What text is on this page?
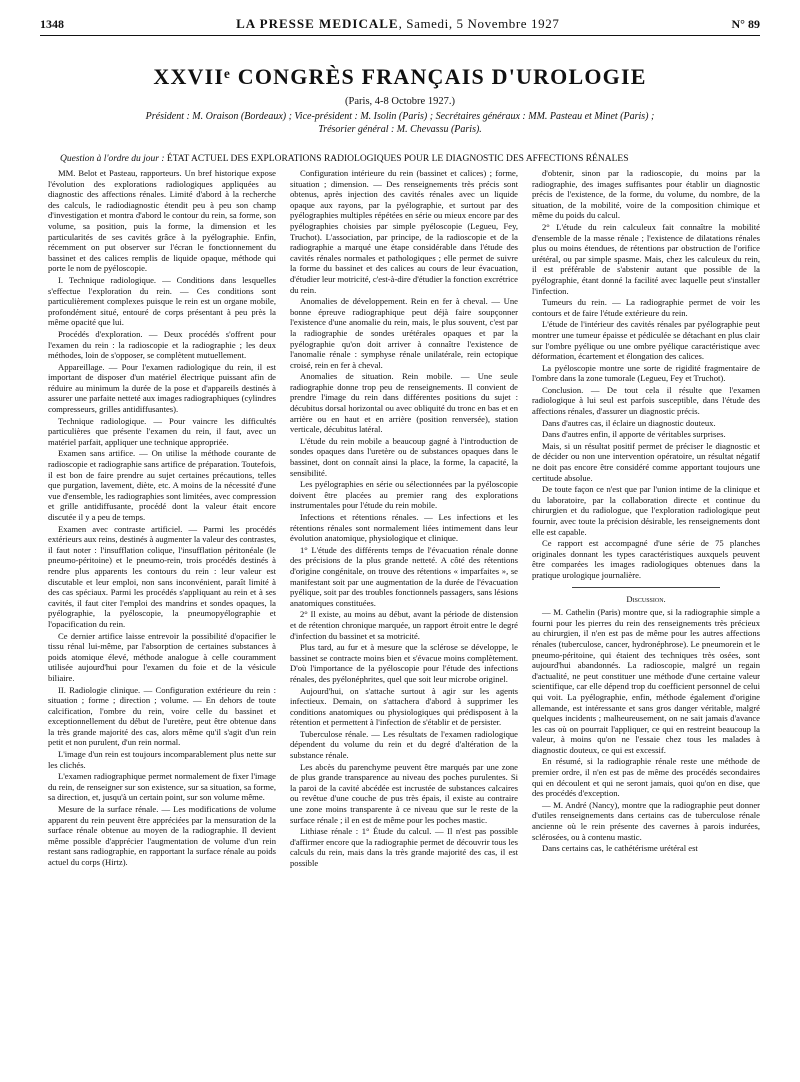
1348	LA PRESSE MEDICALE, Samedi, 5 Novembre 1927	N° 89
XXVIIᵉ CONGRÈS FRANÇAIS D'UROLOGIE
(Paris, 4-8 Octobre 1927.)
Président : M. Oraison (Bordeaux) ; Vice-président : M. Isolin (Paris) ; Secrétaires généraux : MM. Pasteau et Minet (Paris) ;
Trésorier général : M. Chevassu (Paris).
Question à l'ordre du jour : ÉTAT ACTUEL DES EXPLORATIONS RADIOLOGIQUES POUR LE DIAGNOSTIC DES AFFECTIONS RÉNALES

MM. Belot et Pasteau, rapporteurs. Un bref historique expose l'évolution des explorations radiologiques appliquées au diagnostic des affections rénales. Limité d'abord à la recherche des calculs, le radiodiagnostic étendit peu à peu son champ d'investigation et montra d'abord le contour du rein, sa forme, son volume, sa position, puis la forme, la dimension et les particularités de ses cavités grâce à la pyélographie. Enfin, récemment on put observer sur l'écran le fonctionnement du bassinet et des calices remplis de liquide opaque, méthode qui porte le nom de pyéloscopie.

I. Technique radiologique. — Conditions dans lesquelles s'effectue l'exploration du rein. — Ces conditions sont particulièrement complexes puisque le rein est un organe mobile, profondément situé, entouré de corps présentant à peu près la même opacité que lui.

Procédés d'exploration. — Deux procédés s'offrent pour l'examen du rein : la radioscopie et la radiographie ; les deux méthodes, loin de s'opposer, se complètent mutuellement.

Appareillage. — Pour l'examen radiologique du rein, il est important de disposer d'un matériel électrique puissant afin de réduire au minimum la durée de la pose et d'appareils destinés à assurer une parfaite netteté aux images radiographiques (cylindres compresseurs, grilles antidiffusantes).

Technique radiologique. — Pour vaincre les difficultés particulières que présente l'examen du rein, il faut, avec un matériel parfait, appliquer une technique appropriée.

Examen sans artifice. — On utilise la méthode courante de radioscopie et radiographie sans artifice de préparation. Toutefois, il est bon de faire prendre au sujet certaines précautions, telles que purgation, lavement, diète, etc. A moins de la nécessité d'une vue d'ensemble, les radiographies sont limitées, avec compression et grille antidiffusante, procédé dont la valeur était encore discutée il y a peu de temps.

Examen avec contraste artificiel. — Parmi les procédés extérieurs aux reins, destinés à augmenter la valeur des contrastes, il faut noter : l'insufflation colique, l'insufflation péritonéale (le pneumo-péritoine) et le pneumo-rein, trois procédés destinés à rendre plus apparents les contours du rein : leur valeur est discutable et leur emploi, non sans inconvénient, paraît limité à des cas spéciaux. Parmi les procédés s'appliquant au rein et à ses cavités, il faut citer l'emploi des mandrins et sondes opaques, la pyélographie, la pyéloscopie, la pneumopyélographie et l'opacification du rein.

Ce dernier artifice laisse entrevoir la possibilité d'opacifier le tissu rénal lui-même, par l'absorption de certaines substances à poids atomique élevé, méthode analogue à celle couramment utilisée aujourd'hui pour l'examen du foie et de la vésicule biliaire.

II. Radiologie clinique. — Configuration extérieure du rein : situation ; forme ; direction ; volume. — En dehors de toute calcification, l'ombre du rein, voire celle du bassinet et exceptionnellement du début de l'uretère, peut être obtenue dans la très grande majorité des cas, alors même qu'il s'agit d'un rein petit et non purulent, d'un rein normal.

L'image d'un rein est toujours incomparablement plus nette sur les clichés.

L'examen radiographique permet normalement de fixer l'image du rein, de renseigner sur son existence, sur sa situation, sa forme, sa direction, et, jusqu'à un certain point, sur son volume même.

Mesure de la surface rénale. — Les modifications de volume apparent du rein peuvent être appréciées par la mensuration de la surface rénale obtenue au moyen de la radiographie. Il devient même possible d'apprécier l'augmentation de volume d'un rein restant sans radiographie, en rapportant la surface rénale au poids actuel du corps (Hirtz).

Configuration intérieure du rein (bassinet et calices) ; forme, situation ; dimension. — Des renseignements très précis sont obtenus, après injection des cavités rénales avec un liquide opaque aux rayons, par la pyélographie, et surtout par des pyélographies multiples répétées en série ou mieux encore par des pyélographies choisies par simple pyéloscopie (Legueu, Fey, Truchot). L'association, par principe, de la radioscopie et de la radiographie a marqué une étape considérable dans l'étude des cavités rénales normales et pathologiques ; elle permet de suivre la forme du bassinet et des calices au cours de leur évacuation, d'étudier leur motricité, c'est-à-dire d'étudier la fonction excrétrice du rein.

Anomalies de développement. Rein en fer à cheval. — Une bonne épreuve radiographique peut déjà faire soupçonner l'existence d'une anomalie du rein, mais, le plus souvent, c'est par la radiographie de sondes urétérales opaques et par la pyélographie qu'on doit arriver à connaître l'existence de l'anomalie rénale : symphyse rénale unilatérale, rein ectopique croisé, rein en fer à cheval.

Anomalies de situation. Rein mobile. — Une seule radiographie donne trop peu de renseignements. Il convient de prendre l'image du rein dans différentes positions du sujet : décubitus dorsal horizontal ou avec obliquité du tronc en bas et en arrière ou en haut et en arrière (position renversée), station verticale, décubitus latéral.

L'étude du rein mobile a beaucoup gagné à l'introduction de sondes opaques dans l'uretère ou de substances opaques dans le bassinet, dont on connaît ainsi la place, la forme, la capacité, la sensibilité.

Les pyélographies en série ou sélectionnées par la pyéloscopie doivent être placées au premier rang des explorations instrumentales pour l'étude du rein mobile.

Infections et rétentions rénales. — Les infections et les rétentions rénales sont normalement liées intimement dans leur évolution anatomique, physiologique et clinique.

1° L'étude des différents temps de l'évacuation rénale donne des précisions de la plus grande netteté. A côté des rétentions d'origine congénitale, on trouve des rétentions « imparfaites », se manifestant soit par une augmentation de la durée de l'évacuation pyélique, soit par des troubles fonctionnels passagers, sans lésions anatomiques constituées.

2° Il existe, au moins au début, avant la période de distension et de rétention chronique marquée, un rapport étroit entre le degré d'infection du bassinet et sa motricité.

Plus tard, au fur et à mesure que la sclérose se développe, le bassinet se contracte moins bien et s'évacue moins complètement. D'où l'importance de la pyéloscopie pour l'étude des infections rénales, des pyélonéphrites, quel que soit leur microbe originel.

Aujourd'hui, on s'attache surtout à agir sur les agents infectieux. Demain, on s'attachera d'abord à supprimer les conditions anatomiques ou physiologiques qui prédisposent à la rétention et permettent à l'infection de s'établir et de persister.

Tuberculose rénale. — Les résultats de l'examen radiologique dépendent du volume du rein et du degré d'altération de la substance rénale.

Les abcès du parenchyme peuvent être marqués par une zone de plus grande transparence au niveau des poches purulentes. Si la paroi de la cavité abcédée est incrustée de substances calcaires ou revêtue d'une couche de pus très épais, il existe au contraire une zone moins transparente à ce niveau que sur le reste de la surface rénale ; il en est de même pour les poches mastic.

Lithiase rénale : 1° Étude du calcul. — Il n'est pas possible d'affirmer encore que la radiographie permet de découvrir tous les calculs du rein, mais dans la très grande majorité des cas, il est possible

d'obtenir, sinon par la radioscopie, du moins par la radiographie, des images suffisantes pour établir un diagnostic précis de l'existence, de la forme, du volume, du nombre, de la situation, de la mobilité, voire de la composition chimique et même du poids du calcul.

2° L'étude du rein calculeux fait connaître la mobilité d'ensemble de la masse rénale ; l'existence de dilatations rénales plus ou moins étendues, de rétentions par obstruction de l'orifice urétéral, ou par simple spasme. Mais, chez les calculeux du rein, il est préférable de s'abstenir autant que possible de la pyélographie, étant donné la facilité avec laquelle peut s'installer l'infection.

Tumeurs du rein. — La radiographie permet de voir les contours et de faire l'étude extérieure du rein.

L'étude de l'intérieur des cavités rénales par pyélographie peut montrer une tumeur épaisse et pédiculée se détachant en plus clair sur l'ombre pyélique ou une ombre pyélique caractéristique avec déformation, écartement et élongation des calices.

La pyéloscopie montre une sorte de rigidité fragmentaire de l'ombre dans la zone tumorale (Legueu, Fey et Truchot).

Conclusion. — De tout cela il résulte que l'examen radiologique à lui seul est parfois susceptible, dans l'étude des affections rénales, d'assurer un diagnostic précis.

Dans d'autres cas, il éclaire un diagnostic douteux.

Dans d'autres enfin, il apporte de véritables surprises.

Mais, si un résultat positif permet de préciser le diagnostic et de décider ou non une intervention opératoire, un résultat négatif ne doit pas encore être considéré comme apportant toujours une certitude absolue.

De toute façon ce n'est que par l'union intime de la clinique et du laboratoire, par la collaboration directe et continue du chirurgien et du radiologue, que l'exploration radiologique peut fournir, avec toute la précision désirable, les renseignements dont elle est capable.

Ce rapport est accompagné d'une série de 75 planches originales donnant les types caractéristiques auxquels peuvent être comparées les images radiologiques obtenues dans la pratique urologique journalière.

Discussion.

— M. Cathelin (Paris) montre que, si la radiographie simple a fourni pour les pierres du rein des renseignements très précieux au chirurgien, il n'en est pas de même pour les autres affections rénales (tuberculose, cancer, hydronéphrose). Le pneumorein et le pneumo-péritoine, qui étaient des techniques très osées, sont aujourd'hui abandonnés. La radioscopie, malgré un regain d'actualité, ne peut constituer une méthode d'une certaine valeur scientifique, car elle dépend trop du coefficient personnel de celui qui voit. La pyélographie, enfin, méthode également d'origine allemande, est intéressante et sans gros danger véritable, malgré quelques incidents ; malheureusement, on ne sait jamais d'avance les cas où on pourrait l'appliquer, ce qui en restreint beaucoup la valeur, à moins qu'on ne l'essaie chez tous les malades à diagnostic douteux, ce qui est excessif.

En résumé, si la radiographie rénale reste une méthode de premier ordre, il n'en est pas de même des procédés secondaires qui en découlent et qui ne seront jamais, quoi qu'on en dise, que des procédés d'exception.

— M. André (Nancy), montre que la radiographie peut donner d'utiles renseignements dans certains cas de tuberculose rénale ancienne où le rein présente des cavernes à parois indurées, sclérosées, ou à contenu mastic.

Dans certains cas, le cathétérisme urétéral est
